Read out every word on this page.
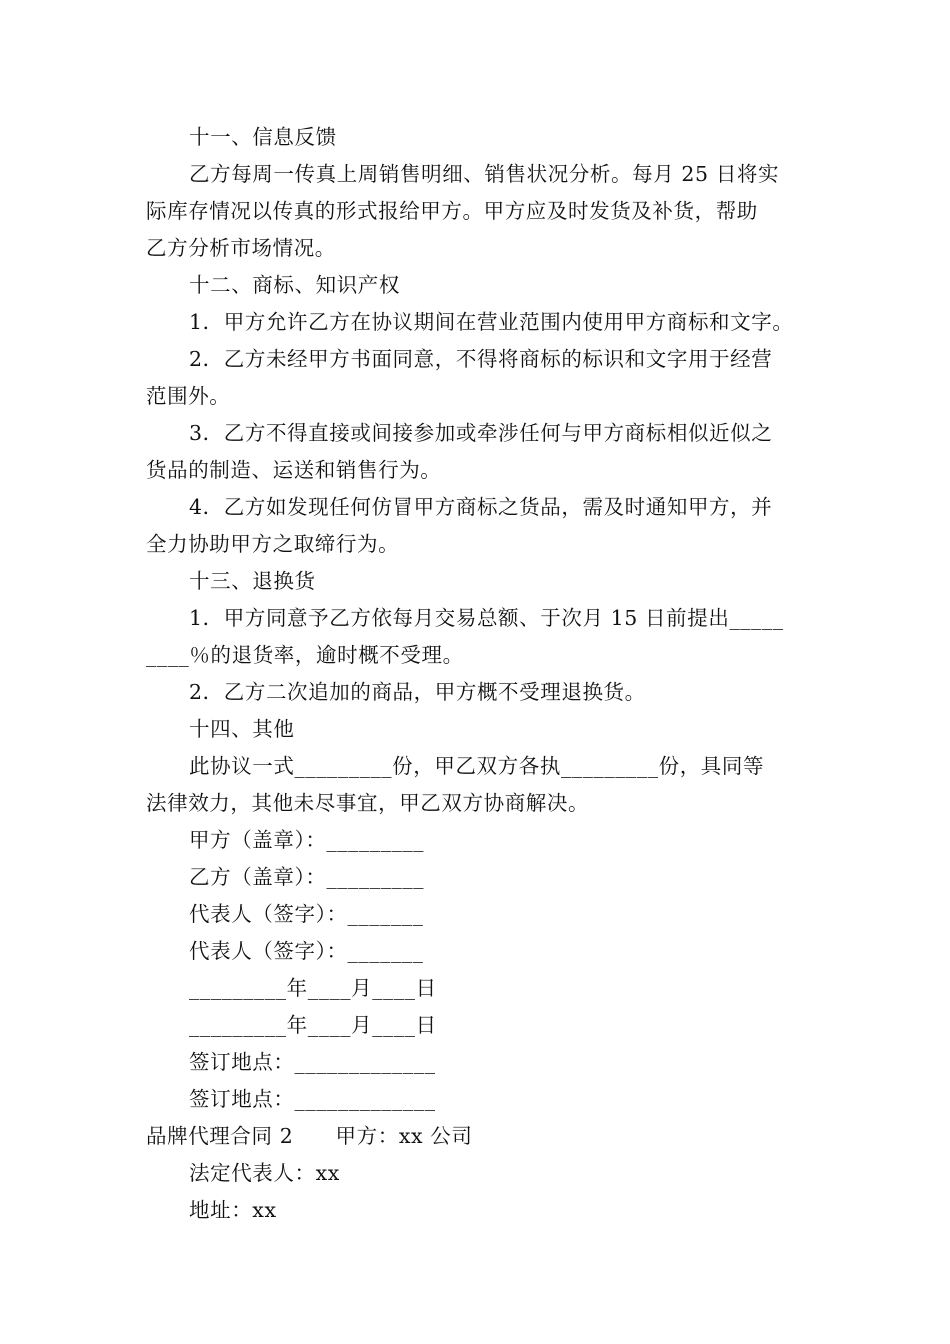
十一、信息反馈
乙方每周一传真上周销售明细、销售状况分析。每月 25 日将实
际库存情况以传真的形式报给甲方。甲方应及时发货及补货，帮助
乙方分析市场情况。
十二、商标、知识产权
1．甲方允许乙方在协议期间在营业范围内使用甲方商标和文字。
2．乙方未经甲方书面同意，不得将商标的标识和文字用于经营
范围外。
3．乙方不得直接或间接参加或牵涉任何与甲方商标相似近似之
货品的制造、运送和销售行为。
4．乙方如发现任何仿冒甲方商标之货品，需及时通知甲方，并
全力协助甲方之取缔行为。
十三、退换货
1．甲方同意予乙方依每月交易总额、于次月 15 日前提出_____
____％的退货率，逾时概不受理。
2．乙方二次追加的商品，甲方概不受理退换货。
十四、其他
此协议一式_________份，甲乙双方各执_________份，具同等
法律效力，其他未尽事宜，甲乙双方协商解决。
甲方（盖章）：_________
乙方（盖章）：_________
代表人（签字）：_______
代表人（签字）：_______
_________年____月____日
_________年____月____日
签订地点：_____________
签订地点：_____________
品牌代理合同 2　　甲方：xx 公司
法定代表人：xx
地址：xx
